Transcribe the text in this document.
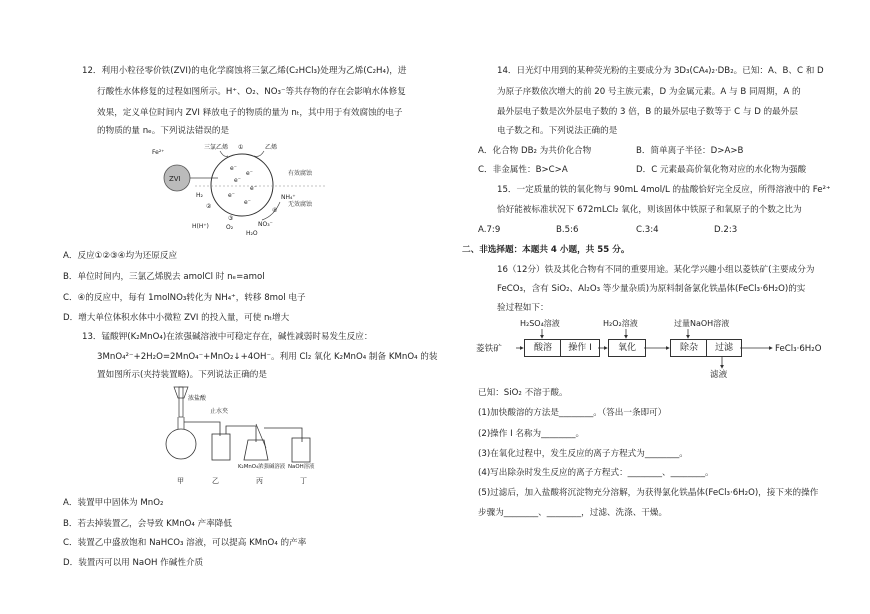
12．利用小粒径零价铁(ZVI)的电化学腐蚀将三氯乙烯(C₂HCl₃)处理为乙烯(C₂H₄)，进
行酸性水体修复的过程如图所示。H⁺、O₂、NO₃⁻等共存物的存在会影响水体修复
效果，定义单位时间内 ZVI 释放电子的物质的量为 nₜ，其中用于有效腐蚀的电子
的物质的量 nₑ。下列说法错误的是
ZVI
Fe²⁺
三氯乙烯	乙烯
有效腐蚀
无效腐蚀
H₂
H(H⁺)	O₂
H₂O
NO₃⁻
NH₄⁺
e⁻
e⁻
e⁻
e⁻
e⁻
e⁻
①
②
③
④
A．反应①②③④均为还原反应
B．单位时间内，三氯乙烯脱去 amolCl 时 nₑ=amol
C．④的反应中，每有 1molNO₃转化为 NH₄⁺，转移 8mol 电子
D．增大单位体积水体中小微粒 ZVI 的投入量，可使 nₜ增大
13．锰酸钾(K₂MnO₄)在浓强碱溶液中可稳定存在，碱性减弱时易发生反应：
3MnO₄²⁻+2H₂O=2MnO₄⁻+MnO₂↓+4OH⁻。利用 Cl₂ 氧化 K₂MnO₄ 制备 KMnO₄ 的装
置如图所示(夹持装置略)。下列说法正确的是
浓盐酸
止水夹
K₂MnO₄浓强碱溶液 NaOH溶液
甲	乙	丙	丁
A．装置甲中固体为 MnO₂
B．若去掉装置乙，会导致 KMnO₄ 产率降低
C．装置乙中盛放饱和 NaHCO₃ 溶液，可以提高 KMnO₄ 的产率
D．装置丙可以用 NaOH 作碱性介质
14．日光灯中用到的某种荧光粉的主要成分为 3D₃(CA₄)₂·DB₂。已知：A、B、C 和 D
为原子序数依次增大的前 20 号主族元素，D 为金属元素。A 与 B 同周期，A 的
最外层电子数是次外层电子数的 3 倍，B 的最外层电子数等于 C 与 D 的最外层
电子数之和。下列说法正确的是
A．化合物 DB₂ 为共价化合物	B．简单离子半径：D>A>B
C．非金属性：B>C>A	D．C 元素最高价氧化物对应的水化物为强酸
15．一定质量的铁的氧化物与 90mL 4mol/L 的盐酸恰好完全反应，所得溶液中的 Fe²⁺
恰好能被标准状况下 672mLCl₂ 氧化，则该固体中铁原子和氧原子的个数之比为
A.7:9	B.5:6	C.3:4	D.2:3
二、非选择题：本题共 4 小题，共 55 分。
16（12分）铁及其化合物有不同的重要用途。某化学兴趣小组以菱铁矿(主要成分为
FeCO₃，含有 SiO₂、Al₂O₃ 等少量杂质)为原料制备氯化铁晶体(FeCl₃·6H₂O)的实
验过程如下：
H₂SO₄溶液	H₂O₂溶液	过量NaOH溶液
菱铁矿	酸溶	操作 I	氧化	除杂	过滤	FeCl₃·6H₂O
滤液
已知：SiO₂ 不溶于酸。
(1)加快酸溶的方法是________。（答出一条即可）
(2)操作 I 名称为________。
(3)在氧化过程中，发生反应的离子方程式为________。
(4)写出除杂时发生反应的离子方程式：________、________。
(5)过滤后，加入盐酸将沉淀物充分溶解，为获得氯化铁晶体(FeCl₃·6H₂O)，接下来的操作
步骤为________、________，过滤、洗涤、干燥。
